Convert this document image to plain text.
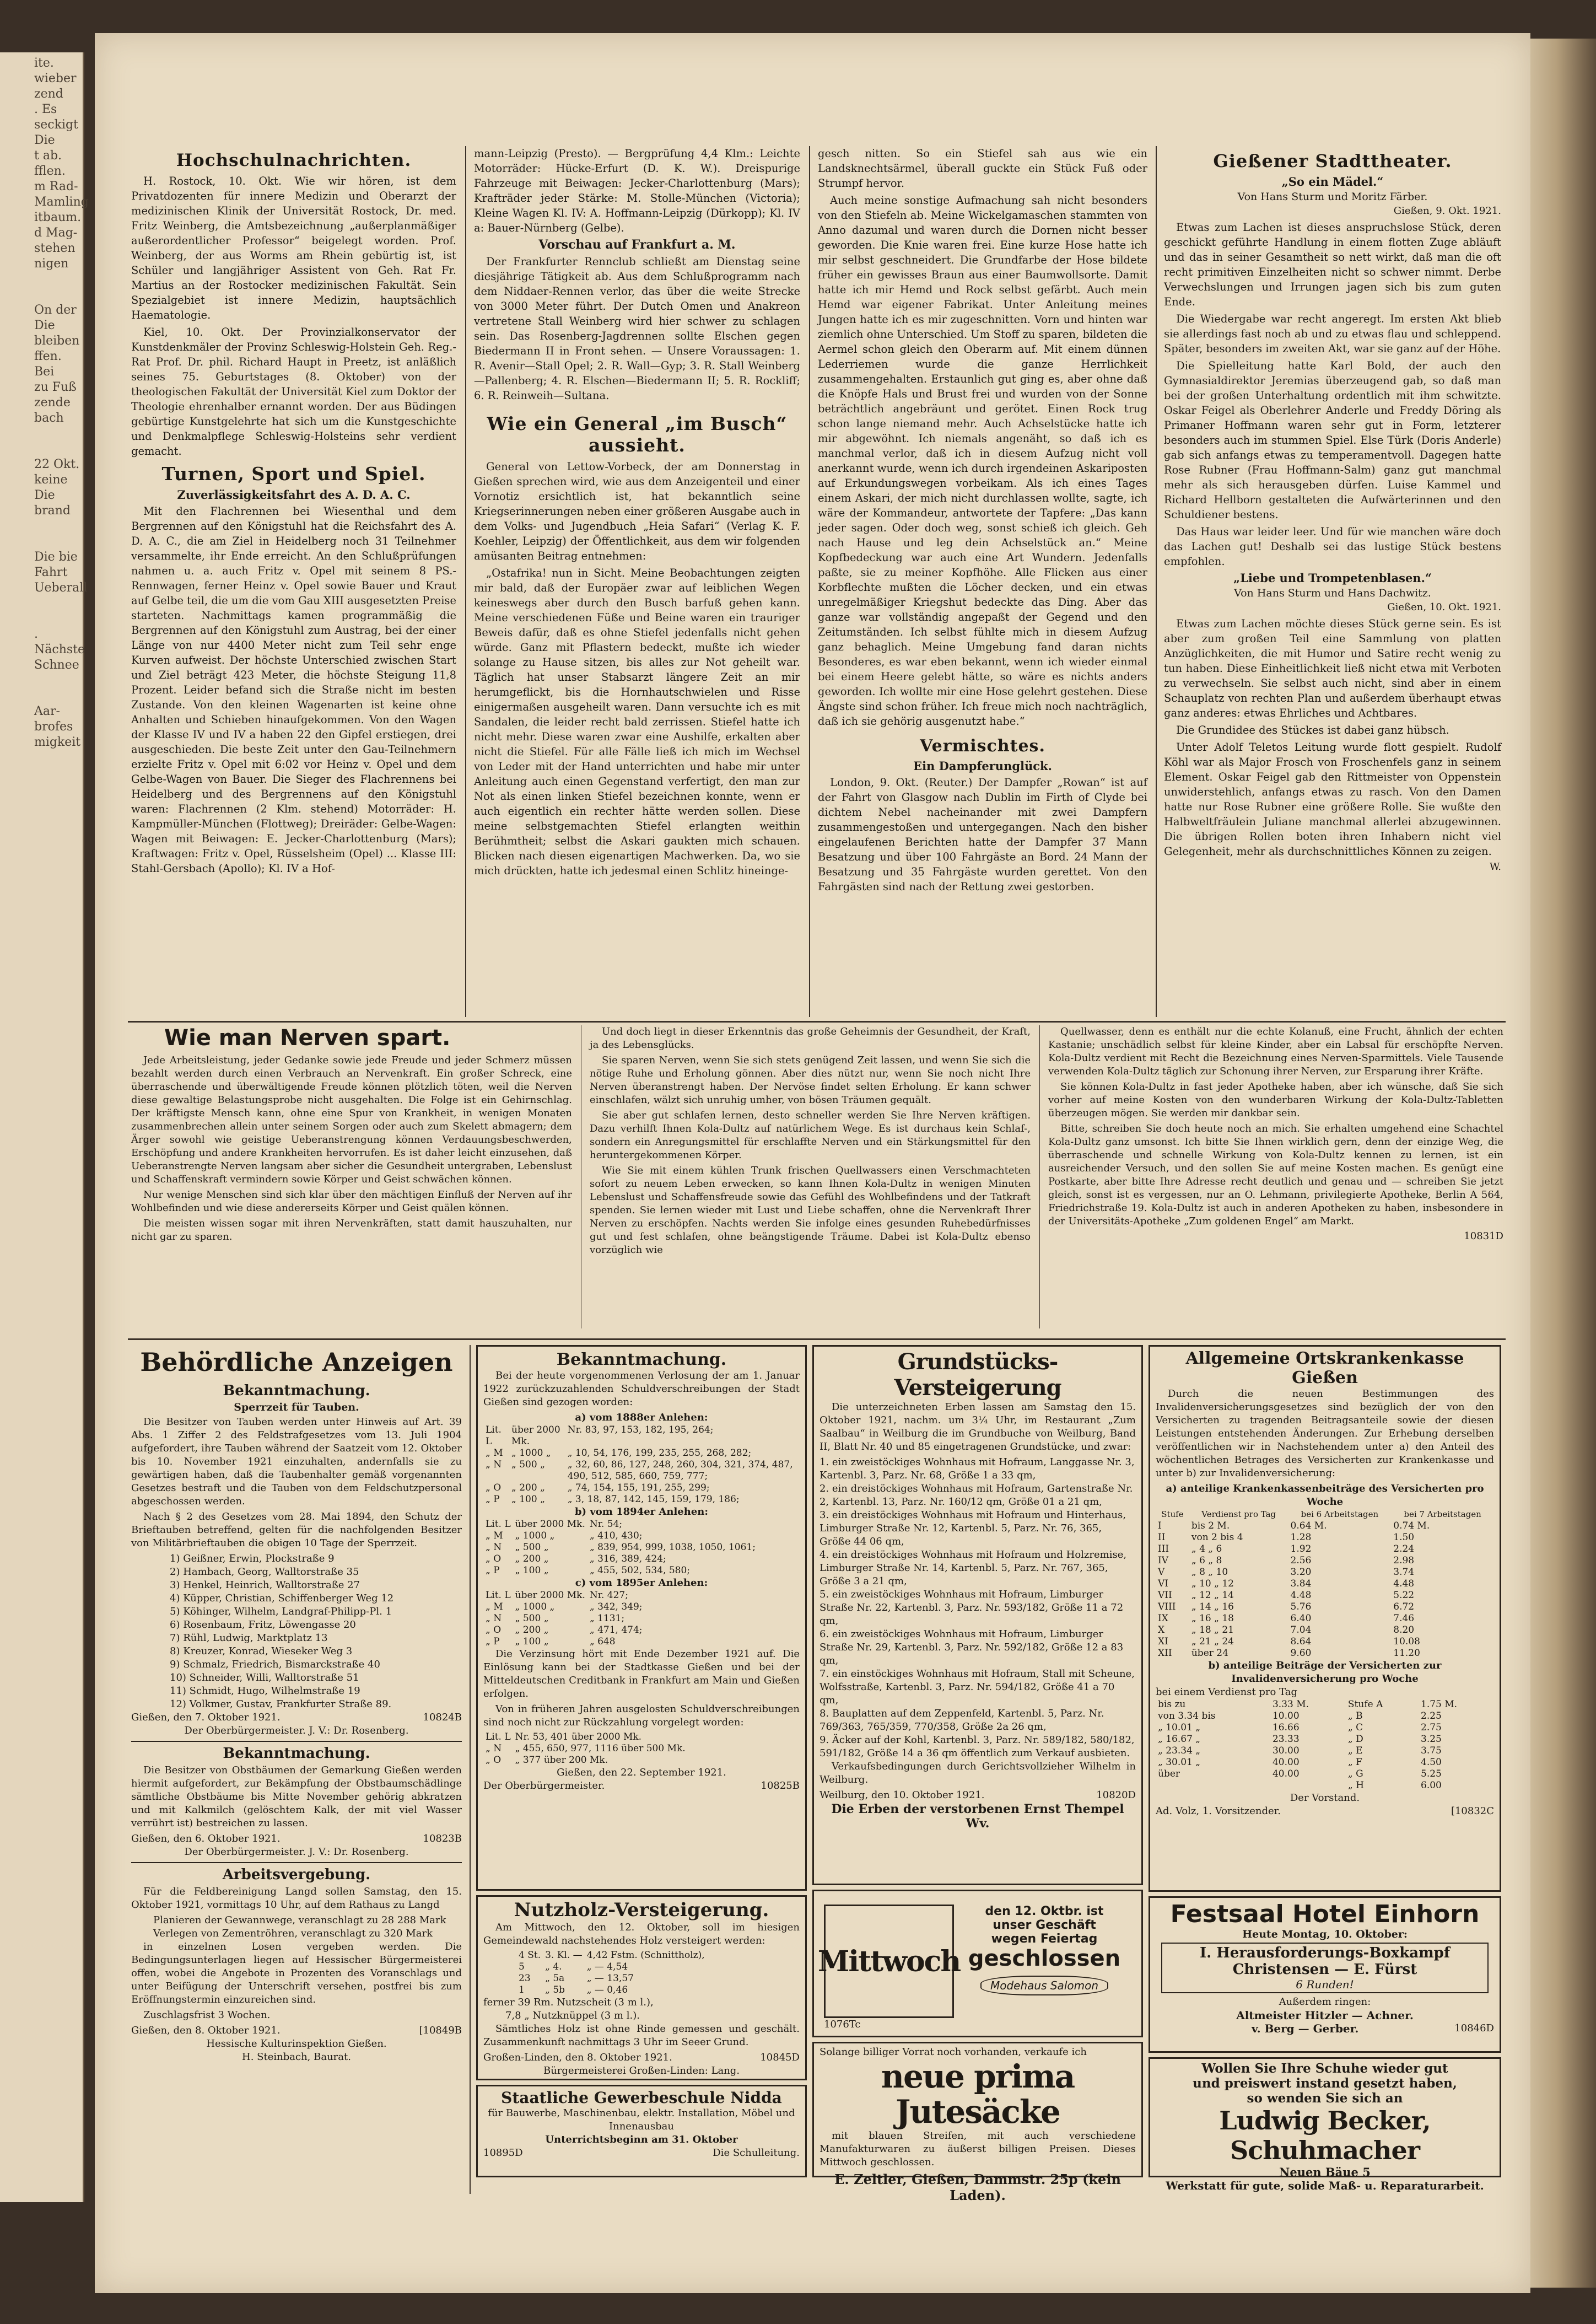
ite.
wieber
zend
. Es
seckigt
Die
t ab.
fflen.
m Rad-
Mamling
itbaum.
d Mag-
stehen
nigen

On der
Die bleiben
ffen. Bei
zu Fuß
zende
bach

22 Okt.
keine
Die
brand

Die bie
Fahrt
Ueberall

. Nächste
Schnee

Aar-
brofes
migkeit
Hochschulnachrichten.

H. Rostock, 10. Okt. Wie wir hören, ist dem Privatdozenten für innere Medizin und Oberarzt der medizinischen Klinik der Universität Rostock, Dr. med. Fritz Weinberg, die Amtsbezeichnung „außerplanmäßiger außerordentlicher Professor“ beigelegt worden. Prof. Weinberg, der aus Worms am Rhein gebürtig ist, ist Schüler und langjähriger Assistent von Geh. Rat Fr. Martius an der Rostocker medizinischen Fakultät. Sein Spezialgebiet ist innere Medizin, hauptsächlich Haematologie.

Kiel, 10. Okt. Der Provinzialkonservator der Kunstdenkmäler der Provinz Schleswig-Holstein Geh. Reg.-Rat Prof. Dr. phil. Richard Haupt in Preetz, ist anläßlich seines 75. Geburtstages (8. Oktober) von der theologischen Fakultät der Universität Kiel zum Doktor der Theologie ehrenhalber ernannt worden. Der aus Büdingen gebürtige Kunstgelehrte hat sich um die Kunstgeschichte und Denkmalpflege Schleswig-Holsteins sehr verdient gemacht.

Turnen, Sport und Spiel.
Zuverlässigkeitsfahrt des A. D. A. C.

Mit den Flachrennen bei Wiesenthal und dem Bergrennen auf den Königstuhl hat die Reichsfahrt des A. D. A. C., die am Ziel in Heidelberg noch 31 Teilnehmer versammelte, ihr Ende erreicht. An den Schlußprüfungen nahmen u. a. auch Fritz v. Opel mit seinem 8 PS.-Rennwagen, ferner Heinz v. Opel sowie Bauer und Kraut auf Gelbe teil, die um die vom Gau XIII ausgesetzten Preise starteten. Nachmittags kamen programmäßig die Bergrennen auf den Königstuhl zum Austrag, bei der einer Länge von nur 4400 Meter nicht zum Teil sehr enge Kurven aufweist. Der höchste Unterschied zwischen Start und Ziel beträgt 423 Meter, die höchste Steigung 11,8 Prozent. Leider befand sich die Straße nicht im besten Zustande. Von den kleinen Wagenarten ist keine ohne Anhalten und Schieben hinaufgekommen. Von den Wagen der Klasse IV und IV a haben 22 den Gipfel erstiegen, drei ausgeschieden. Die beste Zeit unter den Gau-Teilnehmern erzielte Fritz v. Opel mit 6:02 vor Heinz v. Opel und dem Gelbe-Wagen von Bauer. Die Sieger des Flachrennens bei Heidelberg und des Bergrennens auf den Königstuhl waren: Flachrennen (2 Klm. stehend) Motorräder: H. Kampmüller-München (Flottweg); Dreiräder: Gelbe-Wagen: Wagen mit Beiwagen: E. Jecker-Charlottenburg (Mars); Kraftwagen: Fritz v. Opel, Rüsselsheim (Opel) ... Klasse III: Stahl-Gersbach (Apollo); Kl. IV a Hof-

mann-Leipzig (Presto). — Bergprüfung 4,4 Klm.: Leichte Motorräder: Hücke-Erfurt (D. K. W.). Dreispurige Fahrzeuge mit Beiwagen: Jecker-Charlottenburg (Mars); Krafträder jeder Stärke: M. Stolle-München (Victoria); Kleine Wagen Kl. IV: A. Hoffmann-Leipzig (Dürkopp); Kl. IV a: Bauer-Nürnberg (Gelbe).

Vorschau auf Frankfurt a. M.

Der Frankfurter Rennclub schließt am Dienstag seine diesjährige Tätigkeit ab. Aus dem Schlußprogramm nach dem Niddaer-Rennen verlor, das über die weite Strecke von 3000 Meter führt. Der Dutch Omen und Anakreon vertretene Stall Weinberg wird hier schwer zu schlagen sein. Das Rosenberg-Jagdrennen sollte Elschen gegen Biedermann II in Front sehen. — Unsere Voraussagen: 1. R. Avenir—Stall Opel; 2. R. Wall—Gyp; 3. R. Stall Weinberg—Pallenberg; 4. R. Elschen—Biedermann II; 5. R. Rockliff; 6. R. Reinweih—Sultana.

Wie ein General „im Busch“ aussieht.

General von Lettow-Vorbeck, der am Donnerstag in Gießen sprechen wird, wie aus dem Anzeigenteil und einer Vornotiz ersichtlich ist, hat bekanntlich seine Kriegserinnerungen neben einer größeren Ausgabe auch in dem Volks- und Jugendbuch „Heia Safari“ (Verlag K. F. Koehler, Leipzig) der Öffentlichkeit, aus dem wir folgenden amüsanten Beitrag entnehmen:

„Ostafrika! nun in Sicht. Meine Beobachtungen zeigten mir bald, daß der Europäer zwar auf leiblichen Wegen keineswegs aber durch den Busch barfuß gehen kann. Meine verschiedenen Füße und Beine waren ein trauriger Beweis dafür, daß es ohne Stiefel jedenfalls nicht gehen würde. Ganz mit Pflastern bedeckt, mußte ich wieder solange zu Hause sitzen, bis alles zur Not geheilt war. Täglich hat unser Stabsarzt längere Zeit an mir herumgeflickt, bis die Hornhautschwielen und Risse einigermaßen ausgeheilt waren. Dann versuchte ich es mit Sandalen, die leider recht bald zerrissen. Stiefel hatte ich nicht mehr. Diese waren zwar eine Aushilfe, erkalten aber nicht die Stiefel. Für alle Fälle ließ ich mich im Wechsel von Leder mit der Hand unterrichten und habe mir unter Anleitung auch einen Gegenstand verfertigt, den man zur Not als einen linken Stiefel bezeichnen konnte, wenn er auch eigentlich ein rechter hätte werden sollen. Diese meine selbstgemachten Stiefel erlangten weithin Berühmtheit; selbst die Askari gaukten mich schauen. Blicken nach diesen eigenartigen Machwerken. Da, wo sie mich drückten, hatte ich jedesmal einen Schlitz hineinge-

gesch nitten. So ein Stiefel sah aus wie ein Landsknechtsärmel, überall guckte ein Stück Fuß oder Strumpf hervor.

Auch meine sonstige Aufmachung sah nicht besonders von den Stiefeln ab. Meine Wickelgamaschen stammten von Anno dazumal und waren durch die Dornen nicht besser geworden. Die Knie waren frei. Eine kurze Hose hatte ich mir selbst geschneidert. Die Grundfarbe der Hose bildete früher ein gewisses Braun aus einer Baumwollsorte. Damit hatte ich mir Hemd und Rock selbst gefärbt. Auch mein Hemd war eigener Fabrikat. Unter Anleitung meines Jungen hatte ich es mir zugeschnitten. Vorn und hinten war ziemlich ohne Unterschied. Um Stoff zu sparen, bildeten die Aermel schon gleich den Oberarm auf. Mit einem dünnen Lederriemen wurde die ganze Herrlichkeit zusammengehalten. Erstaunlich gut ging es, aber ohne daß die Knöpfe Hals und Brust frei und wurden von der Sonne beträchtlich angebräunt und gerötet. Einen Rock trug schon lange niemand mehr. Auch Achselstücke hatte ich mir abgewöhnt. Ich niemals angenäht, so daß ich es manchmal verlor, daß ich in diesem Aufzug nicht voll anerkannt wurde, wenn ich durch irgendeinen Askariposten auf Erkundungswegen vorbeikam. Als ich eines Tages einem Askari, der mich nicht durchlassen wollte, sagte, ich wäre der Kommandeur, antwortete der Tapfere: „Das kann jeder sagen. Oder doch weg, sonst schieß ich gleich. Geh nach Hause und leg dein Achselstück an.“ Meine Kopfbedeckung war auch eine Art Wundern. Jedenfalls paßte, sie zu meiner Kopfhöhe. Alle Flicken aus einer Korbflechte mußten die Löcher decken, und ein etwas unregelmäßiger Kriegshut bedeckte das Ding. Aber das ganze war vollständig angepaßt der Gegend und den Zeitumständen. Ich selbst fühlte mich in diesem Aufzug ganz behaglich. Meine Umgebung fand daran nichts Besonderes, es war eben bekannt, wenn ich wieder einmal bei einem Heere gelebt hätte, so wäre es nichts anders geworden. Ich wollte mir eine Hose gelehrt gestehen. Diese Ängste sind schon früher. Ich freue mich noch nachträglich, daß ich sie gehörig ausgenutzt habe.“

Vermischtes.
Ein Dampferunglück.

London, 9. Okt. (Reuter.) Der Dampfer „Rowan“ ist auf der Fahrt von Glasgow nach Dublin im Firth of Clyde bei dichtem Nebel nacheinander mit zwei Dampfern zusammengestoßen und untergegangen. Nach den bisher eingelaufenen Berichten hatte der Dampfer 37 Mann Besatzung und über 100 Fahrgäste an Bord. 24 Mann der Besatzung und 35 Fahrgäste wurden gerettet. Von den Fahrgästen sind nach der Rettung zwei gestorben.

Gießener Stadttheater.
„So ein Mädel.“
Von Hans Sturm und Moritz Färber.
Gießen, 9. Okt. 1921.

Etwas zum Lachen ist dieses anspruchslose Stück, deren geschickt geführte Handlung in einem flotten Zuge abläuft und das in seiner Gesamtheit so nett wirkt, daß man die oft recht primitiven Einzelheiten nicht so schwer nimmt. Derbe Verwechslungen und Irrungen jagen sich bis zum guten Ende.

Die Wiedergabe war recht angeregt. Im ersten Akt blieb sie allerdings fast noch ab und zu etwas flau und schleppend. Später, besonders im zweiten Akt, war sie ganz auf der Höhe.

Die Spielleitung hatte Karl Bold, der auch den Gymnasialdirektor Jeremias überzeugend gab, so daß man bei der großen Unterhaltung ordentlich mit ihm schwitzte. Oskar Feigel als Oberlehrer Anderle und Freddy Döring als Primaner Hoffmann waren sehr gut in Form, letzterer besonders auch im stummen Spiel. Else Türk (Doris Anderle) gab sich anfangs etwas zu temperamentvoll. Dagegen hatte Rose Rubner (Frau Hoffmann-Salm) ganz gut manchmal mehr als sich herausgeben dürfen. Luise Kammel und Richard Hellborn gestalteten die Aufwärterinnen und den Schuldiener bestens.

Das Haus war leider leer. Und für wie manchen wäre doch das Lachen gut! Deshalb sei das lustige Stück bestens empfohlen.

„Liebe und Trompetenblasen.“
Von Hans Sturm und Hans Dachwitz.
Gießen, 10. Okt. 1921.

Etwas zum Lachen möchte dieses Stück gerne sein. Es ist aber zum großen Teil eine Sammlung von platten Anzüglichkeiten, die mit Humor und Satire recht wenig zu tun haben. Diese Einheitlichkeit ließ nicht etwa mit Verboten zu verwechseln. Sie selbst auch nicht, sind aber in einem Schauplatz von rechten Plan und außerdem überhaupt etwas ganz anderes: etwas Ehrliches und Achtbares.

Die Grundidee des Stückes ist dabei ganz hübsch.

Unter Adolf Teletos Leitung wurde flott gespielt. Rudolf Köhl war als Major Frosch von Froschenfels ganz in seinem Element. Oskar Feigel gab den Rittmeister von Oppenstein unwiderstehlich, anfangs etwas zu rasch. Von den Damen hatte nur Rose Rubner eine größere Rolle. Sie wußte den Halbweltfräulein Juliane manchmal allerlei abzugewinnen. Die übrigen Rollen boten ihren Inhabern nicht viel Gelegenheit, mehr als durchschnittliches Können zu zeigen.

W.
Wie man Nerven spart.

Jede Arbeitsleistung, jeder Gedanke sowie jede Freude und jeder Schmerz müssen bezahlt werden durch einen Verbrauch an Nervenkraft. Ein großer Schreck, eine überraschende und überwältigende Freude können plötzlich töten, weil die Nerven diese gewaltige Belastungsprobe nicht ausgehalten. Die Folge ist ein Gehirnschlag. Der kräftigste Mensch kann, ohne eine Spur von Krankheit, in wenigen Monaten zusammenbrechen allein unter seinem Sorgen oder auch zum Skelett abmagern; dem Ärger sowohl wie geistige Ueberanstrengung können Verdauungsbeschwerden, Erschöpfung und andere Krankheiten hervorrufen. Es ist daher leicht einzusehen, daß Ueberanstrengte Nerven langsam aber sicher die Gesundheit untergraben, Lebenslust und Schaffenskraft vermindern sowie Körper und Geist schwächen können.

Nur wenige Menschen sind sich klar über den mächtigen Einfluß der Nerven auf ihr Wohlbefinden und wie diese andererseits Körper und Geist quälen können.

Die meisten wissen sogar mit ihren Nervenkräften, statt damit hauszuhalten, nur nicht gar zu sparen.

Und doch liegt in dieser Erkenntnis das große Geheimnis der Gesundheit, der Kraft, ja des Lebensglücks.

Sie sparen Nerven, wenn Sie sich stets genügend Zeit lassen, und wenn Sie sich die nötige Ruhe und Erholung gönnen. Aber dies nützt nur, wenn Sie noch nicht Ihre Nerven überanstrengt haben. Der Nervöse findet selten Erholung. Er kann schwer einschlafen, wälzt sich unruhig umher, von bösen Träumen gequält.

Sie aber gut schlafen lernen, desto schneller werden Sie Ihre Nerven kräftigen. Dazu verhilft Ihnen Kola-Dultz auf natürlichem Wege. Es ist durchaus kein Schlaf-, sondern ein Anregungsmittel für erschlaffte Nerven und ein Stärkungsmittel für den heruntergekommenen Körper.

Wie Sie mit einem kühlen Trunk frischen Quellwassers einen Verschmachteten sofort zu neuem Leben erwecken, so kann Ihnen Kola-Dultz in wenigen Minuten Lebenslust und Schaffensfreude sowie das Gefühl des Wohlbefindens und der Tatkraft spenden. Sie lernen wieder mit Lust und Liebe schaffen, ohne die Nervenkraft Ihrer Nerven zu erschöpfen. Nachts werden Sie infolge eines gesunden Ruhebedürfnisses gut und fest schlafen, ohne beängstigende Träume. Dabei ist Kola-Dultz ebenso vorzüglich wie

Quellwasser, denn es enthält nur die echte Kolanuß, eine Frucht, ähnlich der echten Kastanie; unschädlich selbst für kleine Kinder, aber ein Labsal für erschöpfte Nerven. Kola-Dultz verdient mit Recht die Bezeichnung eines Nerven-Sparmittels. Viele Tausende verwenden Kola-Dultz täglich zur Schonung ihrer Nerven, zur Ersparung ihrer Kräfte.

Sie können Kola-Dultz in fast jeder Apotheke haben, aber ich wünsche, daß Sie sich vorher auf meine Kosten von den wunderbaren Wirkung der Kola-Dultz-Tabletten überzeugen mögen. Sie werden mir dankbar sein.

Bitte, schreiben Sie doch heute noch an mich. Sie erhalten umgehend eine Schachtel Kola-Dultz ganz umsonst. Ich bitte Sie Ihnen wirklich gern, denn der einzige Weg, die überraschende und schnelle Wirkung von Kola-Dultz kennen zu lernen, ist ein ausreichender Versuch, und den sollen Sie auf meine Kosten machen. Es genügt eine Postkarte, aber bitte Ihre Adresse recht deutlich und genau und — schreiben Sie jetzt gleich, sonst ist es vergessen, nur an O. Lehmann, privilegierte Apotheke, Berlin A 564, Friedrichstraße 19. Kola-Dultz ist auch in anderen Apotheken zu haben, insbesondere in der Universitäts-Apotheke „Zum goldenen Engel“ am Markt.

10831D
Behördliche Anzeigen
Bekanntmachung.
Sperrzeit für Tauben.

Die Besitzer von Tauben werden unter Hinweis auf Art. 39 Abs. 1 Ziffer 2 des Feldstrafgesetzes vom 13. Juli 1904 aufgefordert, ihre Tauben während der Saatzeit vom 12. Oktober bis 10. November 1921 einzuhalten, andernfalls sie zu gewärtigen haben, daß die Taubenhalter gemäß vorgenannten Gesetzes bestraft und die Tauben von dem Feldschutzpersonal abgeschossen werden.

Nach § 2 des Gesetzes vom 28. Mai 1894, den Schutz der Brieftauben betreffend, gelten für die nachfolgenden Besitzer von Militärbrieftauben die obigen 10 Tage der Sperrzeit.

1) Geißner, Erwin, Plockstraße 9
2) Hambach, Georg, Walltorstraße 35
3) Henkel, Heinrich, Walltorstraße 27
4) Küpper, Christian, Schiffenberger Weg 12
5) Köhinger, Wilhelm, Landgraf-Philipp-Pl. 1
6) Rosenbaum, Fritz, Löwengasse 20
7) Rühl, Ludwig, Marktplatz 13
8) Kreuzer, Konrad, Wieseker Weg 3
9) Schmalz, Friedrich, Bismarckstraße 40
10) Schneider, Willi, Walltorstraße 51
11) Schmidt, Hugo, Wilhelmstraße 19
12) Volkmer, Gustav, Frankfurter Straße 89.
Gießen, den 7. Oktober 1921.	10824B
Der Oberbürgermeister. J. V.: Dr. Rosenberg.
Bekanntmachung.

Die Besitzer von Obstbäumen der Gemarkung Gießen werden hiermit aufgefordert, zur Bekämpfung der Obstbaumschädlinge sämtliche Obstbäume bis Mitte November gehörig abkratzen und mit Kalkmilch (gelöschtem Kalk, der mit viel Wasser verrührt ist) bestreichen zu lassen.

Gießen, den 6. Oktober 1921.	10823B
Der Oberbürgermeister. J. V.: Dr. Rosenberg.
Arbeitsvergebung.

Für die Feldbereinigung Langd sollen Samstag, den 15. Oktober 1921, vormittags 10 Uhr, auf dem Rathaus zu Langd

Planieren der Gewannwege, veranschlagt zu 28 288 Mark
Verlegen von Zementröhren, veranschlagt zu 320 Mark

in einzelnen Losen vergeben werden. Die Bedingungsunterlagen liegen auf Hessischer Bürgermeisterei offen, wobei die Angebote in Prozenten des Voranschlags und unter Beifügung der Unterschrift versehen, postfrei bis zum Eröffnungstermin einzureichen sind.

Zuschlagsfrist 3 Wochen.

Gießen, den 8. Oktober 1921.	[10849B
Hessische Kulturinspektion Gießen.
H. Steinbach, Baurat.
Bekanntmachung.

Bei der heute vorgenommenen Verlosung der am 1. Januar 1922 zurückzuzahlenden Schuldverschreibungen der Stadt Gießen sind gezogen worden:

a) vom 1888er Anlehen:
Lit. L	über 2000 Mk.	Nr. 83, 97, 153, 182, 195, 264;
„ M	„ 1000 „	„ 10, 54, 176, 199, 235, 255, 268, 282;
„ N	„ 500 „	„ 32, 60, 86, 127, 248, 260, 304, 321, 374, 487, 490, 512, 585, 660, 759, 777;
„ O	„ 200 „	„ 74, 154, 155, 191, 255, 299;
„ P	„ 100 „	„ 3, 18, 87, 142, 145, 159, 179, 186;
b) vom 1894er Anlehen:
Lit. L	über 2000 Mk.	Nr. 54;
„ M	„ 1000 „	„ 410, 430;
„ N	„ 500 „	„ 839, 954, 999, 1038, 1050, 1061;
„ O	„ 200 „	„ 316, 389, 424;
„ P	„ 100 „	„ 455, 502, 534, 580;
c) vom 1895er Anlehen:
Lit. L	über 2000 Mk.	Nr. 427;
„ M	„ 1000 „	„ 342, 349;
„ N	„ 500 „	„ 1131;
„ O	„ 200 „	„ 471, 474;
„ P	„ 100 „	„ 648

Die Verzinsung hört mit Ende Dezember 1921 auf. Die Einlösung kann bei der Stadtkasse Gießen und bei der Mitteldeutschen Creditbank in Frankfurt am Main und Gießen erfolgen.

Von in früheren Jahren ausgelosten Schuldverschreibungen sind noch nicht zur Rückzahlung vorgelegt worden:

Lit. L	Nr. 53, 401 über 2000 Mk.
„ N	„ 455, 650, 977, 1116 über 500 Mk.
„ O	„ 377 über 200 Mk.
Gießen, den 22. September 1921.
Der Oberbürgermeister.	10825B
Nutzholz-Versteigerung.

Am Mittwoch, den 12. Oktober, soll im hiesigen Gemeindewald nachstehendes Holz versteigert werden:

4 St.	3. Kl. —	4,42 Fstm. (Schnittholz),
5	„ 4.	„ — 4,54
23	„ 5a	„ — 13,57
1	„ 5b	„ — 0,46
ferner 39 Rm. Nutzscheit (3 m l.),
7,8 „ Nutzknüppel (3 m l.).

Sämtliches Holz ist ohne Rinde gemessen und geschält. Zusammenkunft nachmittags 3 Uhr im Seeer Grund.

Großen-Linden, den 8. Oktober 1921.	10845D
Bürgermeisterei Großen-Linden: Lang.
Staatliche Gewerbeschule Nidda
für Bauwerbe, Maschinenbau, elektr. Installation, Möbel und Innenausbau
Unterrichtsbeginn am 31. Oktober
10895D	Die Schulleitung.
Grundstücks-Versteigerung

Die unterzeichneten Erben lassen am Samstag den 15. Oktober 1921, nachm. um 3¼ Uhr, im Restaurant „Zum Saalbau“ in Weilburg die im Grundbuche von Weilburg, Band II, Blatt Nr. 40 und 85 eingetragenen Grundstücke, und zwar:

1. ein zweistöckiges Wohnhaus mit Hofraum, Langgasse Nr. 3, Kartenbl. 3, Parz. Nr. 68, Größe 1 a 33 qm,
2. ein dreistöckiges Wohnhaus mit Hofraum, Gartenstraße Nr. 2, Kartenbl. 13, Parz. Nr. 160/12 qm, Größe 01 a 21 qm,
3. ein dreistöckiges Wohnhaus mit Hofraum und Hinterhaus, Limburger Straße Nr. 12, Kartenbl. 5, Parz. Nr. 76, 365, Größe 44 06 qm,
4. ein dreistöckiges Wohnhaus mit Hofraum und Holzremise, Limburger Straße Nr. 14, Kartenbl. 5, Parz. Nr. 767, 365, Größe 3 a 21 qm,
5. ein zweistöckiges Wohnhaus mit Hofraum, Limburger Straße Nr. 22, Kartenbl. 3, Parz. Nr. 593/182, Größe 11 a 72 qm,
6. ein zweistöckiges Wohnhaus mit Hofraum, Limburger Straße Nr. 29, Kartenbl. 3, Parz. Nr. 592/182, Größe 12 a 83 qm,
7. ein einstöckiges Wohnhaus mit Hofraum, Stall mit Scheune, Wolfsstraße, Kartenbl. 3, Parz. Nr. 594/182, Größe 41 a 70 qm,
8. Bauplatten auf dem Zeppenfeld, Kartenbl. 5, Parz. Nr. 769/363, 765/359, 770/358, Größe 2a 26 qm,
9. Äcker auf der Kohl, Kartenbl. 3, Parz. Nr. 589/182, 580/182, 591/182, Größe 14 a 36 qm öffentlich zum Verkauf ausbieten.

Verkaufsbedingungen durch Gerichtsvollzieher Wilhelm in Weilburg.

Weilburg, den 10. Oktober 1921.	10820D
Die Erben der verstorbenen Ernst Thempel Wv.
Mittwoch
den 12. Oktbr. ist
unser Geschäft
wegen Feiertag
geschlossen
Modehaus Salomon
1076Tc
Solange billiger Vorrat noch vorhanden, verkaufe ich
neue prima Jutesäcke

mit blauen Streifen, mit auch verschiedene Manufakturwaren zu äußerst billigen Preisen. Dieses Mittwoch geschlossen.

E. Zeltler, Gießen, Dammstr. 25p (kein Laden).
Allgemeine Ortskrankenkasse Gießen

Durch die neuen Bestimmungen des Invalidenversicherungsgesetzes sind bezüglich der von den Versicherten zu tragenden Beitragsanteile sowie der diesen Leistungen entstehenden Änderungen. Zur Erhebung derselben veröffentlichen wir in Nachstehendem unter a) den Anteil des wöchentlichen Betrages des Versicherten zur Krankenkasse und unter b) zur Invalidenversicherung:

a) anteilige Krankenkassenbeiträge des Versicherten pro Woche
Stufe	Verdienst pro Tag	bei 6 Arbeitstagen	bei 7 Arbeitstagen
I	bis 2 M.	0.64 M.	0.74 M.
II	von 2 bis 4	1.28	1.50
III	„ 4 „ 6	1.92	2.24
IV	„ 6 „ 8	2.56	2.98
V	„ 8 „ 10	3.20	3.74
VI	„ 10 „ 12	3.84	4.48
VII	„ 12 „ 14	4.48	5.22
VIII	„ 14 „ 16	5.76	6.72
IX	„ 16 „ 18	6.40	7.46
X	„ 18 „ 21	7.04	8.20
XI	„ 21 „ 24	8.64	10.08
XII	über 24	9.60	11.20
b) anteilige Beiträge der Versicherten zur Invalidenversicherung pro Woche
bei einem Verdienst pro Tag
bis zu	3.33 M.	Stufe A	1.75 M.
von 3.34 bis	10.00	„ B	2.25
„ 10.01 „	16.66	„ C	2.75
„ 16.67 „	23.33	„ D	3.25
„ 23.34 „	30.00	„ E	3.75
„ 30.01 „	40.00	„ F	4.50
über	40.00	„ G	5.25
		„ H	6.00
Der Vorstand.
Ad. Volz, 1. Vorsitzender.	[10832C
Festsaal Hotel Einhorn
Heute Montag, 10. Oktober:
I. Herausforderungs-Boxkampf
Christensen — E. Fürst
6 Runden!
Außerdem ringen:
Altmeister Hitzler — Achner.
v. Berg — Gerber.	10846D
Wollen Sie Ihre Schuhe wieder gut
und preiswert instand gesetzt haben,
so wenden Sie sich an
Ludwig Becker, Schuhmacher
Neuen Bäue 5
Werkstatt für gute, solide Maß- u. Reparaturarbeit.
